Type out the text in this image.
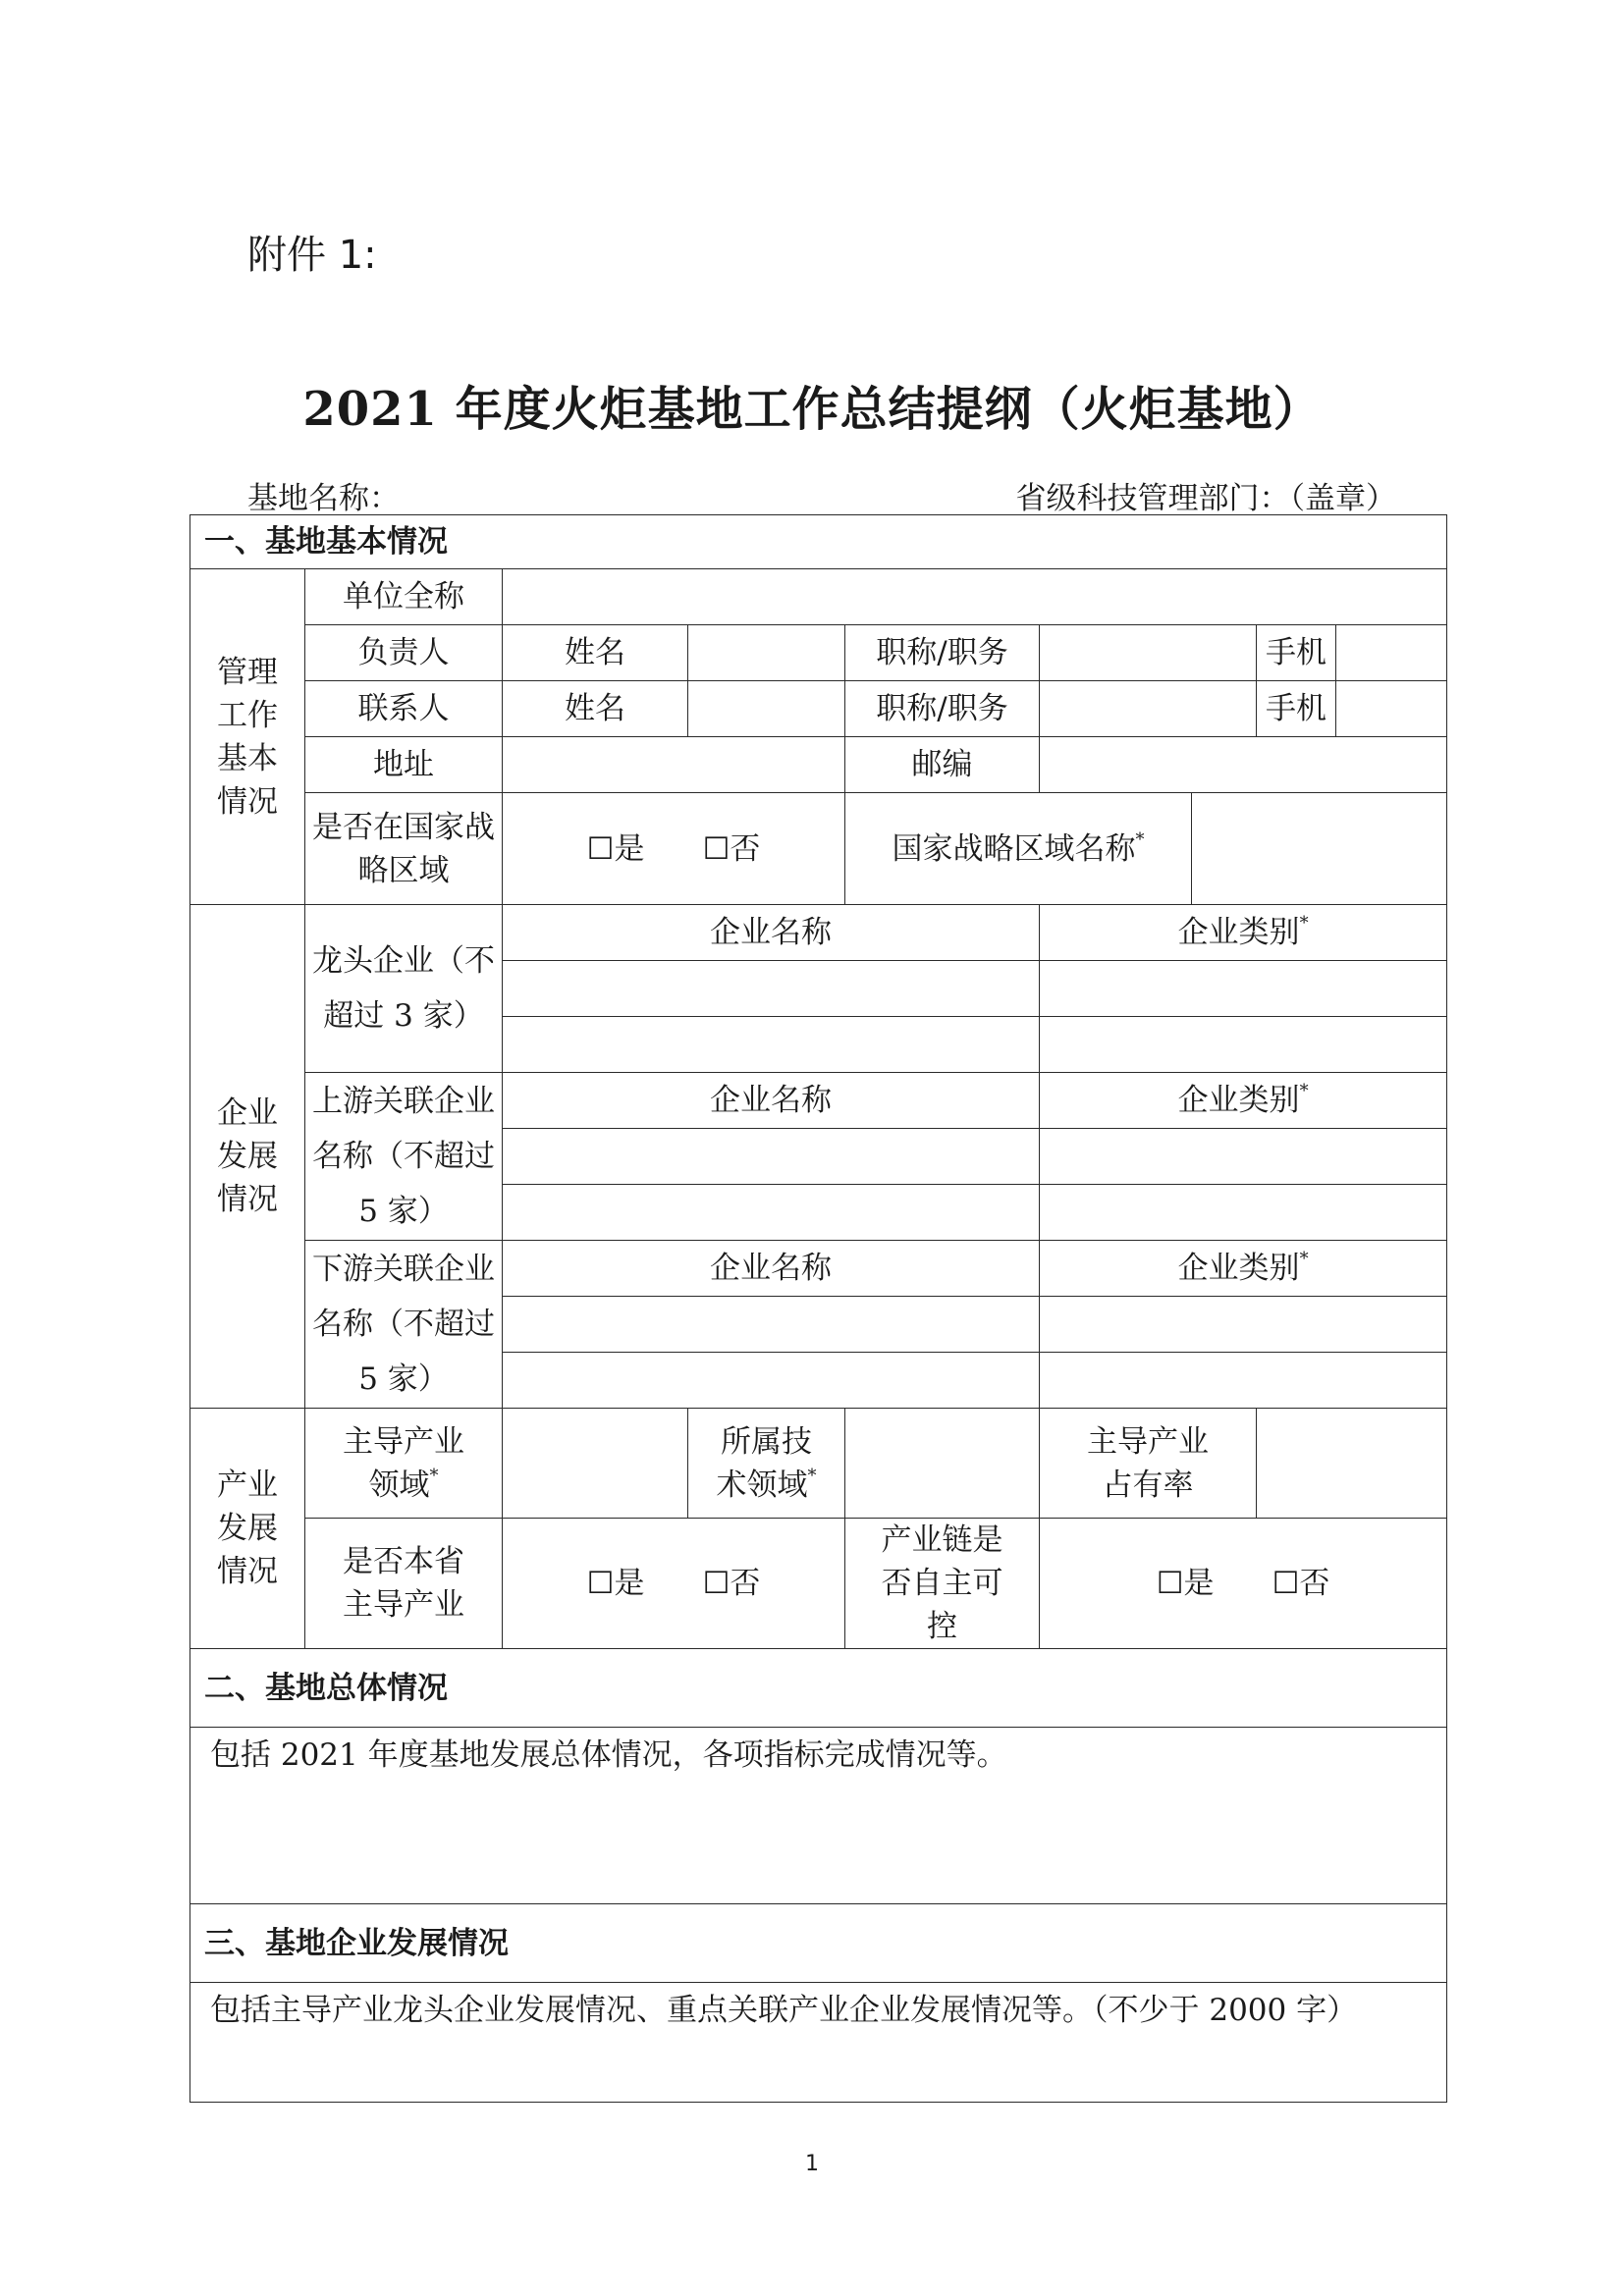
附件 1:
2021 年度火炬基地工作总结提纲（火炬基地）
基地名称：	省级科技管理部门：（盖章）
一、基地基本情况								

管理工作基本情况	单位全称							
	负责人	姓名		职称/职务			手机	
	联系人	姓名		职称/职务			手机	
	地址			邮编				
	是否在国家战略区域	☐是 ☐否		国家战略区域名称*	

企业发展情况	龙头企业（不超过 3 家）	企业名称			企业类别*

	上游关联企业名称（不超过 5 家）	企业名称			企业类别*

	下游关联企业名称（不超过 5 家）	企业名称			企业类别*

产业发展情况	主导产业领域*		所属技术领域*		主导产业占有率			

	是否本省主导产业	☐是 ☐否		产业链是否自主可控	☐是 ☐否			
二、基地总体情况								
包括 2021 年度基地发展总体情况，各项指标完成情况等。								
三、基地企业发展情况								
包括主导产业龙头企业发展情况、重点关联产业企业发展情况等。（不少于 2000 字）								
1
